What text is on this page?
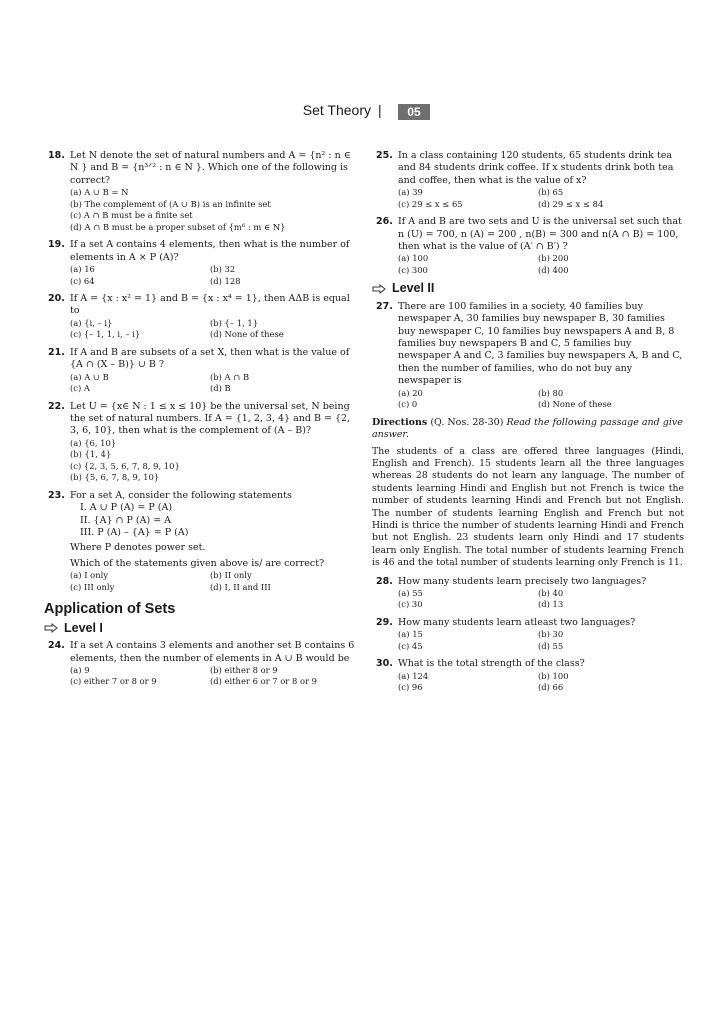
Set Theory |	05
18. Let N denote the set of natural numbers and A = {n² : n ∈ N } and B = {n³ᐟ² : n ∈ N }. Which one of the following is correct?
(a) A ∪ B = N
(b) The complement of (A ∪ B) is an infinite set
(c) A ∩ B must be a finite set
(d) A ∩ B must be a proper subset of {m⁶ : m ∈ N}
19. If a set A contains 4 elements, then what is the number of elements in A × P (A)?
(a) 16	(b) 32
(c) 64	(d) 128
20. If A = {x : x² = 1} and B = {x : x⁴ = 1}, then AΔB is equal to
(a) {i, – i}	(b) {– 1, 1}
(c) {– 1, 1, i, – i}	(d) None of these
21. If A and B are subsets of a set X, then what is the value of {A ∩ (X – B)} ∪ B ?
(a) A ∪ B	(b) A ∩ B
(c) A	(d) B
22. Let U = {x∈ N : 1 ≤ x ≤ 10} be the universal set, N being the set of natural numbers. If A = {1, 2, 3, 4} and B = {2, 3, 6, 10}, then what is the complement of (A – B)?
(a) {6, 10}
(b) {1, 4}
(c) {2, 3, 5, 6, 7, 8, 9, 10}
(b) {5, 6, 7, 8, 9, 10}
23. For a set A, consider the following statements
I. A ∪ P (A) = P (A)
II. {A} ∩ P (A) = A
III. P (A) – {A} = P (A)
Where P denotes power set.
Which of the statements given above is/ are correct?
(a) I only	(b) II only
(c) III only	(d) I, II and III
Application of Sets
Level I
24. If a set A contains 3 elements and another set B contains 6 elements, then the number of elements in A ∪ B would be
(a) 9	(b) either 8 or 9
(c) either 7 or 8 or 9	(d) either 6 or 7 or 8 or 9
25. In a class containing 120 students, 65 students drink tea and 84 students drink coffee. If x students drink both tea and coffee, then what is the value of x?
(a) 39	(b) 65
(c) 29 ≤ x ≤ 65	(d) 29 ≤ x ≤ 84
26. If A and B are two sets and U is the universal set such that n (U) = 700, n (A) = 200 , n(B) = 300 and n(A ∩ B) = 100, then what is the value of (A′ ∩ B′) ?
(a) 100	(b) 200
(c) 300	(d) 400
Level II
27. There are 100 families in a society, 40 families buy newspaper A, 30 families buy newspaper B, 30 families buy newspaper C, 10 families buy newspapers A and B, 8 families buy newspapers B and C, 5 families buy newspaper A and C, 3 families buy newspapers A, B and C, then the number of families, who do not buy any newspaper is
(a) 20	(b) 80
(c) 0	(d) None of these
Directions (Q. Nos. 28-30) Read the following passage and give answer.
The students of a class are offered three languages (Hindi, English and French). 15 students learn all the three languages whereas 28 students do not learn any language. The number of students learning Hindi and English but not French is twice the number of students learning Hindi and French but not English. The number of students learning English and French but not Hindi is thrice the number of students learning Hindi and French but not English. 23 students learn only Hindi and 17 students learn only English. The total number of students learning French is 46 and the total number of students learning only French is 11.
28. How many students learn precisely two languages?
(a) 55	(b) 40
(c) 30	(d) 13
29. How many students learn atleast two languages?
(a) 15	(b) 30
(c) 45	(d) 55
30. What is the total strength of the class?
(a) 124	(b) 100
(c) 96	(d) 66
